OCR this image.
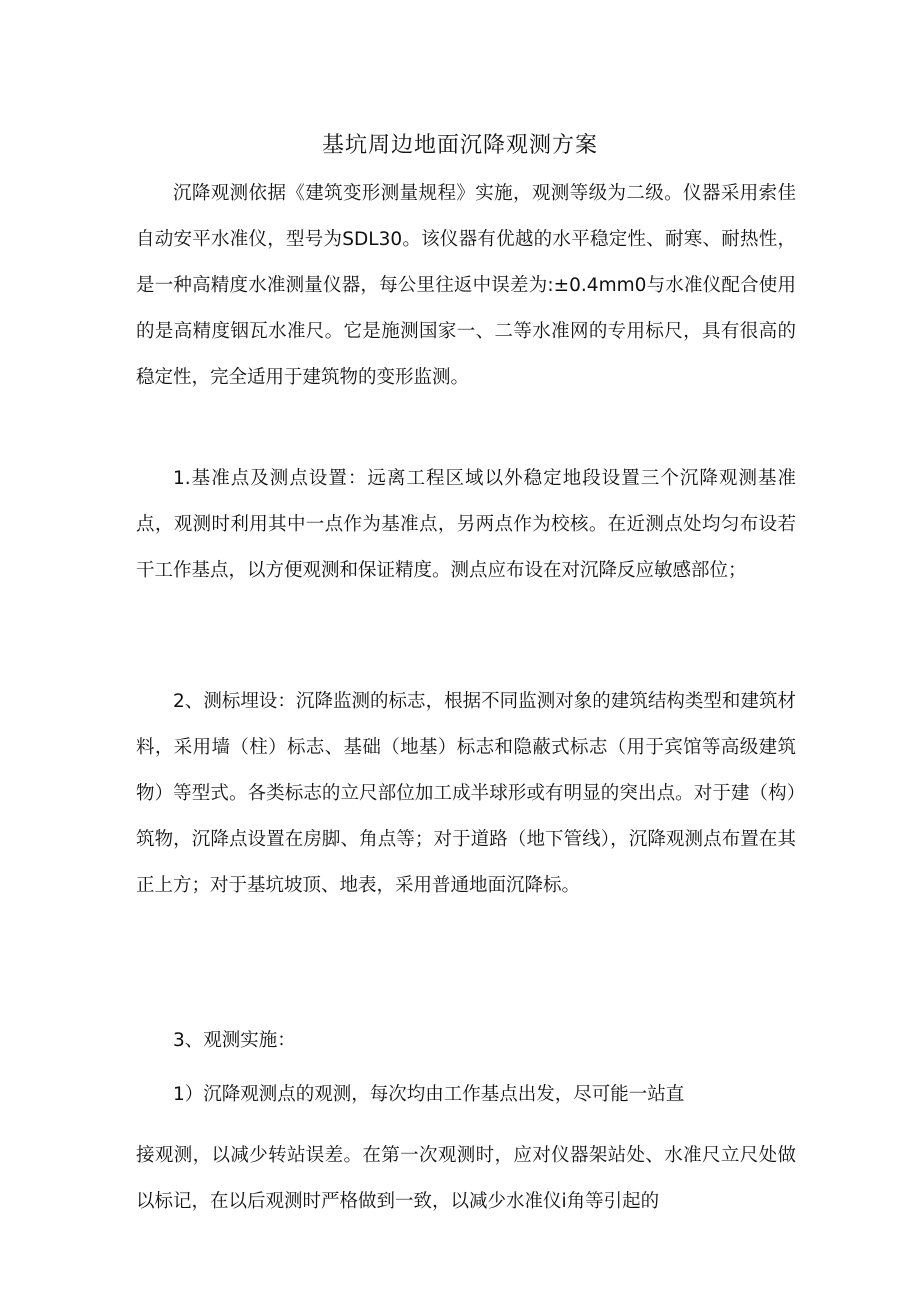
基坑周边地面沉降观测方案

沉降观测依据《建筑变形测量规程》实施，观测等级为二级。仪器采用索佳自动安平水准仪，型号为SDL30。该仪器有优越的水平稳定性、耐寒、耐热性，是一种高精度水准测量仪器，每公里往返中误差为:±0.4mm0与水准仪配合使用的是高精度铟瓦水准尺。它是施测国家一、二等水准网的专用标尺，具有很高的稳定性，完全适用于建筑物的变形监测。

1.基准点及测点设置：远离工程区域以外稳定地段设置三个沉降观测基准点，观测时利用其中一点作为基准点，另两点作为校核。在近测点处均匀布设若干工作基点，以方便观测和保证精度。测点应布设在对沉降反应敏感部位；

2、测标埋设：沉降监测的标志，根据不同监测对象的建筑结构类型和建筑材料，采用墙（柱）标志、基础（地基）标志和隐蔽式标志（用于宾馆等高级建筑物）等型式。各类标志的立尺部位加工成半球形或有明显的突出点。对于建（构）筑物，沉降点设置在房脚、角点等；对于道路（地下管线），沉降观测点布置在其正上方；对于基坑坡顶、地表，采用普通地面沉降标。

3、观测实施：

1）沉降观测点的观测，每次均由工作基点出发，尽可能一站直

接观测，以减少转站误差。在第一次观测时，应对仪器架站处、水准尺立尺处做以标记，在以后观测时严格做到一致，以减少水准仪i角等引起的
